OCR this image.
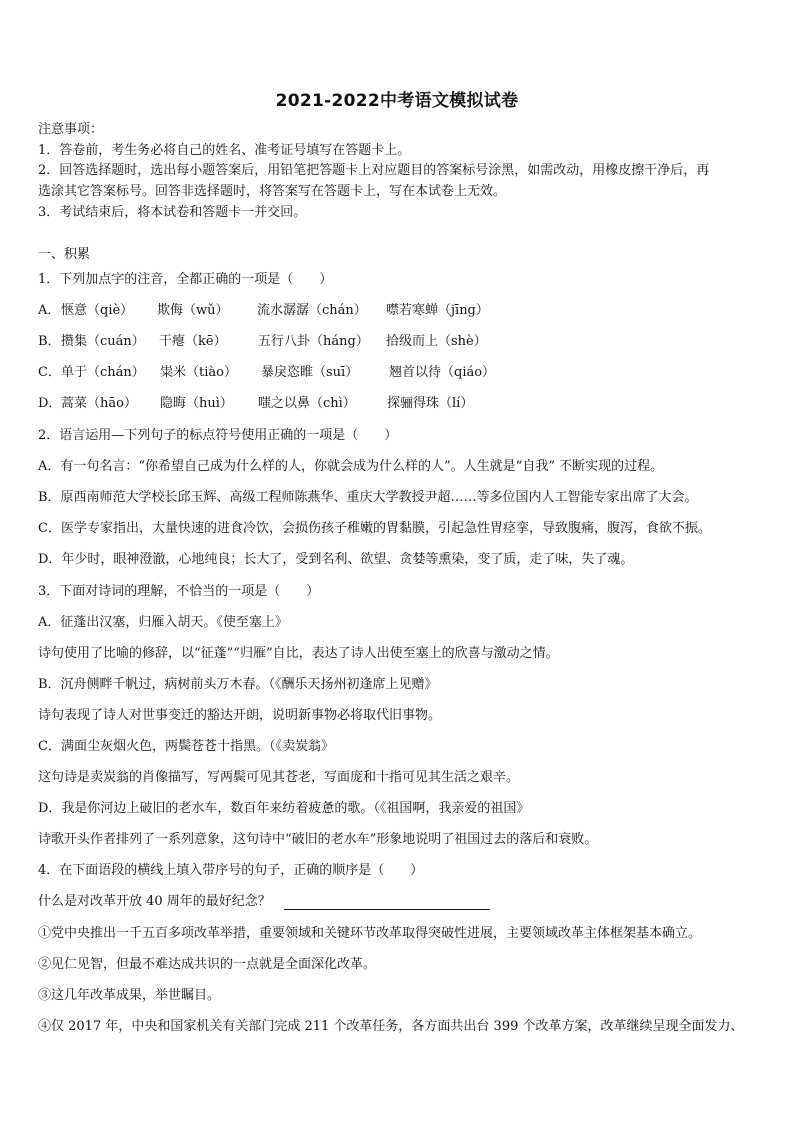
2021-2022中考语文模拟试卷
注意事项：
1．答卷前，考生务必将自己的姓名、准考证号填写在答题卡上。
2．回答选择题时，选出每小题答案后，用铅笔把答题卡上对应题目的答案标号涂黑，如需改动，用橡皮擦干净后，再
选涂其它答案标号。回答非选择题时，将答案写在答题卡上，写在本试卷上无效。
3．考试结束后，将本试卷和答题卡一并交回。
一、积累
1．下列加点字的注音，全都正确的一项是（　　）
A． 惬意（qiè） 欺侮（wǔ） 流水潺潺（chán） 噤若寒蝉（jīng）
B． 攒集（cuán） 干瘪（kē） 五行八卦（háng） 拾级而上（shè）
C． 单于（chán） 粜米（tiào） 暴戾恣睢（suī） 翘首以待（qiáo）
D． 蒿菜（hāo） 隐晦（huì） 嗤之以鼻（chì） 探骊得珠（lí）
2．语言运用—下列句子的标点符号使用正确的一项是（　　）
A．有一句名言：“你希望自己成为什么样的人，你就会成为什么样的人”。人生就是“自我” 不断实现的过程。
B．原西南师范大学校长邱玉辉、高级工程师陈燕华、重庆大学教授尹超……等多位国内人工智能专家出席了大会。
C．医学专家指出，大量快速的进食冷饮，会损伤孩子稚嫩的胃黏膜，引起急性胃痉挛，导致腹痛，腹泻，食欲不振。
D．年少时，眼神澄澈，心地纯良；长大了，受到名利、欲望、贪婪等熏染，变了质，走了味，失了魂。
3．下面对诗词的理解，不恰当的一项是（　　）
A．征蓬出汉塞，归雁入胡天。《使至塞上》
诗句使用了比喻的修辞，以“征蓬”“归雁”自比，表达了诗人出使至塞上的欣喜与激动之情。
B．沉舟侧畔千帆过，病树前头万木春。（《酬乐天扬州初逢席上见赠》
诗句表现了诗人对世事变迁的豁达开朗，说明新事物必将取代旧事物。
C．满面尘灰烟火色，两鬓苍苍十指黑。（《卖炭翁》
这句诗是卖炭翁的肖像描写，写两鬓可见其苍老，写面庞和十指可见其生活之艰辛。
D．我是你河边上破旧的老水车，数百年来纺着疲惫的歌。（《祖国啊，我亲爱的祖国》
诗歌开头作者排列了一系列意象，这句诗中“破旧的老水车”形象地说明了祖国过去的落后和衰败。
4．在下面语段的横线上填入带序号的句子，正确的顺序是（　　）
什么是对改革开放 40 周年的最好纪念？
①党中央推出一千五百多项改革举措，重要领域和关键环节改革取得突破性进展，主要领域改革主体框架基本确立。
②见仁见智，但最不难达成共识的一点就是全面深化改革。
③这几年改革成果，举世瞩目。
④仅 2017 年，中央和国家机关有关部门完成 211 个改革任务，各方面共出台 399 个改革方案，改革继续呈现全面发力、
